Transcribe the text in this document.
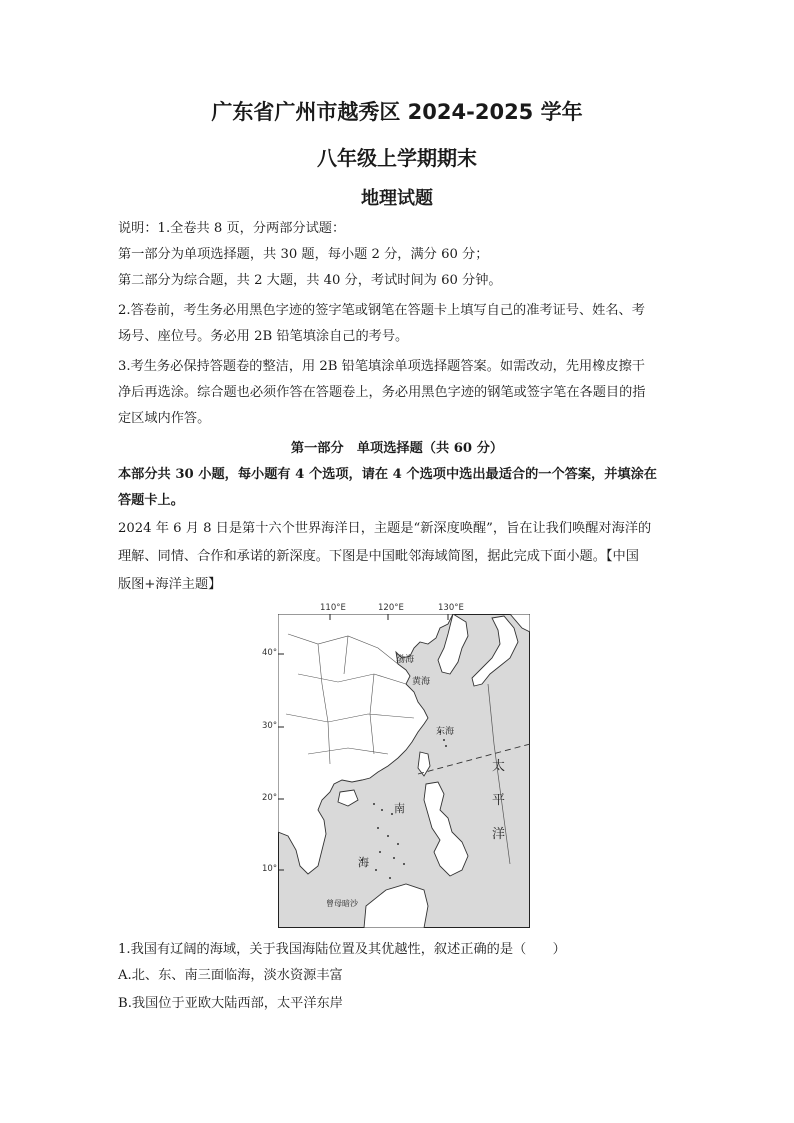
广东省广州市越秀区 2024-2025 学年
八年级上学期期末
地理试题
说明：1.全卷共 8 页，分两部分试题：
第一部分为单项选择题，共 30 题，每小题 2 分，满分 60 分；
第二部分为综合题，共 2 大题，共 40 分，考试时间为 60 分钟。
2.答卷前，考生务必用黑色字迹的签字笔或钢笔在答题卡上填写自己的准考证号、姓名、考
场号、座位号。务必用 2B 铅笔填涂自己的考号。
3.考生务必保持答题卷的整洁，用 2B 铅笔填涂单项选择题答案。如需改动，先用橡皮擦干
净后再选涂。综合题也必须作答在答题卷上，务必用黑色字迹的钢笔或签字笔在各题目的指
定区域内作答。
第一部分　单项选择题（共 60 分）
本部分共 30 小题，每小题有 4 个选项，请在 4 个选项中选出最适合的一个答案，并填涂在
答题卡上。
2024 年 6 月 8 日是第十六个世界海洋日，主题是“新深度唤醒”，旨在让我们唤醒对海洋的
理解、同情、合作和承诺的新深度。下图是中国毗邻海域简图，据此完成下面小题。【中国
版图+海洋主题】
110°E	120°E	130°E
40°
30°
20°
10°
渤海
黄海
东海
南
海
太
平
洋
曾母暗沙
1.我国有辽阔的海域，关于我国海陆位置及其优越性，叙述正确的是（　　）
A.北、东、南三面临海，淡水资源丰富
B.我国位于亚欧大陆西部，太平洋东岸
